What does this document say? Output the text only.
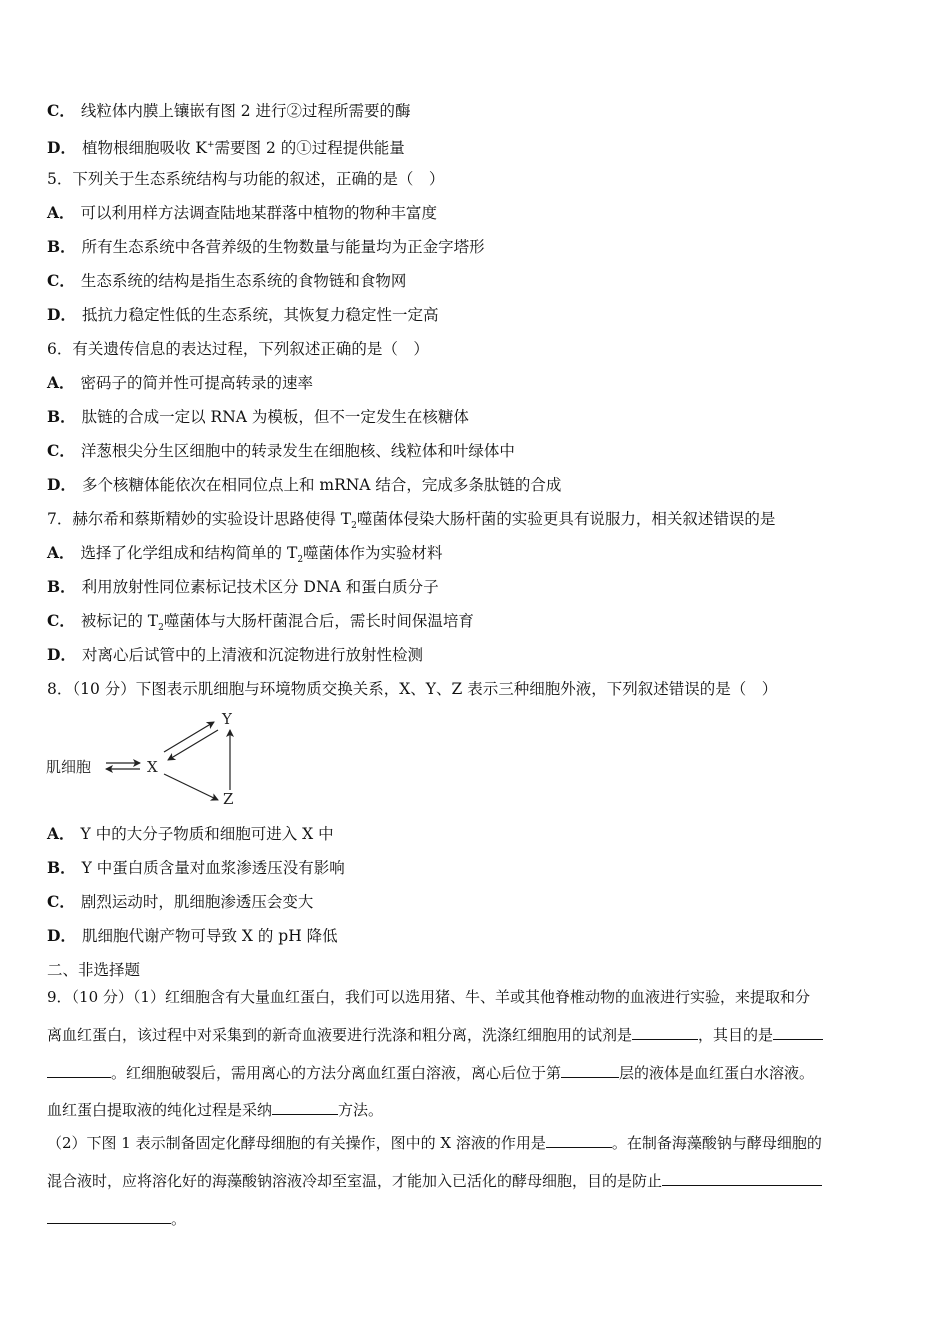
C． 线粒体内膜上镶嵌有图 2 进行②过程所需要的酶
D． 植物根细胞吸收 K+需要图 2 的①过程提供能量
5．下列关于生态系统结构与功能的叙述，正确的是（　）
A． 可以利用样方法调查陆地某群落中植物的物种丰富度
B． 所有生态系统中各营养级的生物数量与能量均为正金字塔形
C． 生态系统的结构是指生态系统的食物链和食物网
D． 抵抗力稳定性低的生态系统，其恢复力稳定性一定高
6．有关遗传信息的表达过程，下列叙述正确的是（　）
A． 密码子的简并性可提高转录的速率
B． 肽链的合成一定以 RNA 为模板，但不一定发生在核糖体
C． 洋葱根尖分生区细胞中的转录发生在细胞核、线粒体和叶绿体中
D． 多个核糖体能依次在相同位点上和 mRNA 结合，完成多条肽链的合成
7．赫尔希和蔡斯精妙的实验设计思路使得 $T_2$噬菌体侵染大肠杆菌的实验更具有说服力，相关叙述错误的是
A． 选择了化学组成和结构简单的 $T_2$噬菌体作为实验材料
B． 利用放射性同位素标记技术区分 DNA 和蛋白质分子
C． 被标记的 $T_2$噬菌体与大肠杆菌混合后，需长时间保温培育
D． 对离心后试管中的上清液和沉淀物进行放射性检测
8．（10 分）下图表示肌细胞与环境物质交换关系，X、Y、Z 表示三种细胞外液，下列叙述错误的是（　）
肌细胞	X
Y
Z
A． Y 中的大分子物质和细胞可进入 X 中
B． Y 中蛋白质含量对血浆渗透压没有影响
C． 剧烈运动时，肌细胞渗透压会变大
D． 肌细胞代谢产物可导致 X 的 pH 降低
二、非选择题
9．（10 分）（1）红细胞含有大量血红蛋白，我们可以选用猪、牛、羊或其他脊椎动物的血液进行实验，来提取和分
离血红蛋白，该过程中对采集到的新奇血液要进行洗涤和粗分离，洗涤红细胞用的试剂是	，其目的是
。红细胞破裂后，需用离心的方法分离血红蛋白溶液，离心后位于第	层的液体是血红蛋白水溶液。
血红蛋白提取液的纯化过程是采纳	方法。
（2）下图 1 表示制备固定化酵母细胞的有关操作，图中的 X 溶液的作用是	。在制备海藻酸钠与酵母细胞的
混合液时，应将溶化好的海藻酸钠溶液冷却至室温，才能加入已活化的酵母细胞，目的是防止
。
